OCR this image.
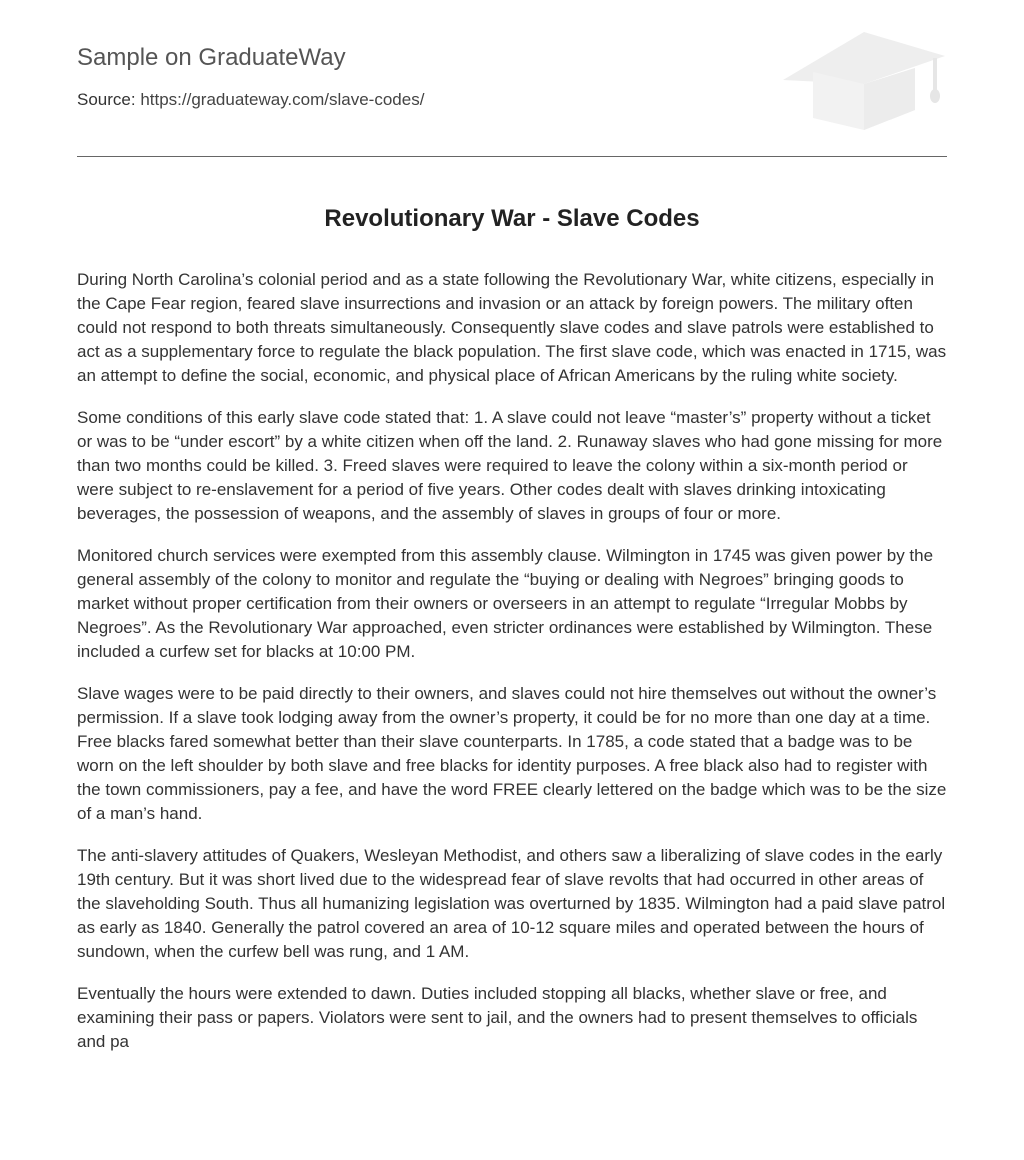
Sample on GraduateWay
Source: https://graduateway.com/slave-codes/
Revolutionary War - Slave Codes

During North Carolina’s colonial period and as a state following the Revolutionary War, white citizens, especially in the Cape Fear region, feared slave insurrections and invasion or an attack by foreign powers. The military often could not respond to both threats simultaneously. Consequently slave codes and slave patrols were established to act as a supplementary force to regulate the black population. The first slave code, which was enacted in 1715, was an attempt to define the social, economic, and physical place of African Americans by the ruling white society.

Some conditions of this early slave code stated that: 1. A slave could not leave “master’s” property without a ticket or was to be “under escort” by a white citizen when off the land. 2. Runaway slaves who had gone missing for more than two months could be killed. 3. Freed slaves were required to leave the colony within a six-month period or were subject to re-enslavement for a period of five years. Other codes dealt with slaves drinking intoxicating beverages, the possession of weapons, and the assembly of slaves in groups of four or more.

Monitored church services were exempted from this assembly clause. Wilmington in 1745 was given power by the general assembly of the colony to monitor and regulate the “buying or dealing with Negroes” bringing goods to market without proper certification from their owners or overseers in an attempt to regulate “Irregular Mobbs by Negroes”. As the Revolutionary War approached, even stricter ordinances were established by Wilmington. These included a curfew set for blacks at 10:00 PM.

Slave wages were to be paid directly to their owners, and slaves could not hire themselves out without the owner’s permission. If a slave took lodging away from the owner’s property, it could be for no more than one day at a time. Free blacks fared somewhat better than their slave counterparts. In 1785, a code stated that a badge was to be worn on the left shoulder by both slave and free blacks for identity purposes. A free black also had to register with the town commissioners, pay a fee, and have the word FREE clearly lettered on the badge which was to be the size of a man’s hand.

The anti-slavery attitudes of Quakers, Wesleyan Methodist, and others saw a liberalizing of slave codes in the early 19th century. But it was short lived due to the widespread fear of slave revolts that had occurred in other areas of the slaveholding South. Thus all humanizing legislation was overturned by 1835. Wilmington had a paid slave patrol as early as 1840. Generally the patrol covered an area of 10-12 square miles and operated between the hours of sundown, when the curfew bell was rung, and 1 AM.

Eventually the hours were extended to dawn. Duties included stopping all blacks, whether slave or free, and examining their pass or papers. Violators were sent to jail, and the owners had to present themselves to officials and pa
